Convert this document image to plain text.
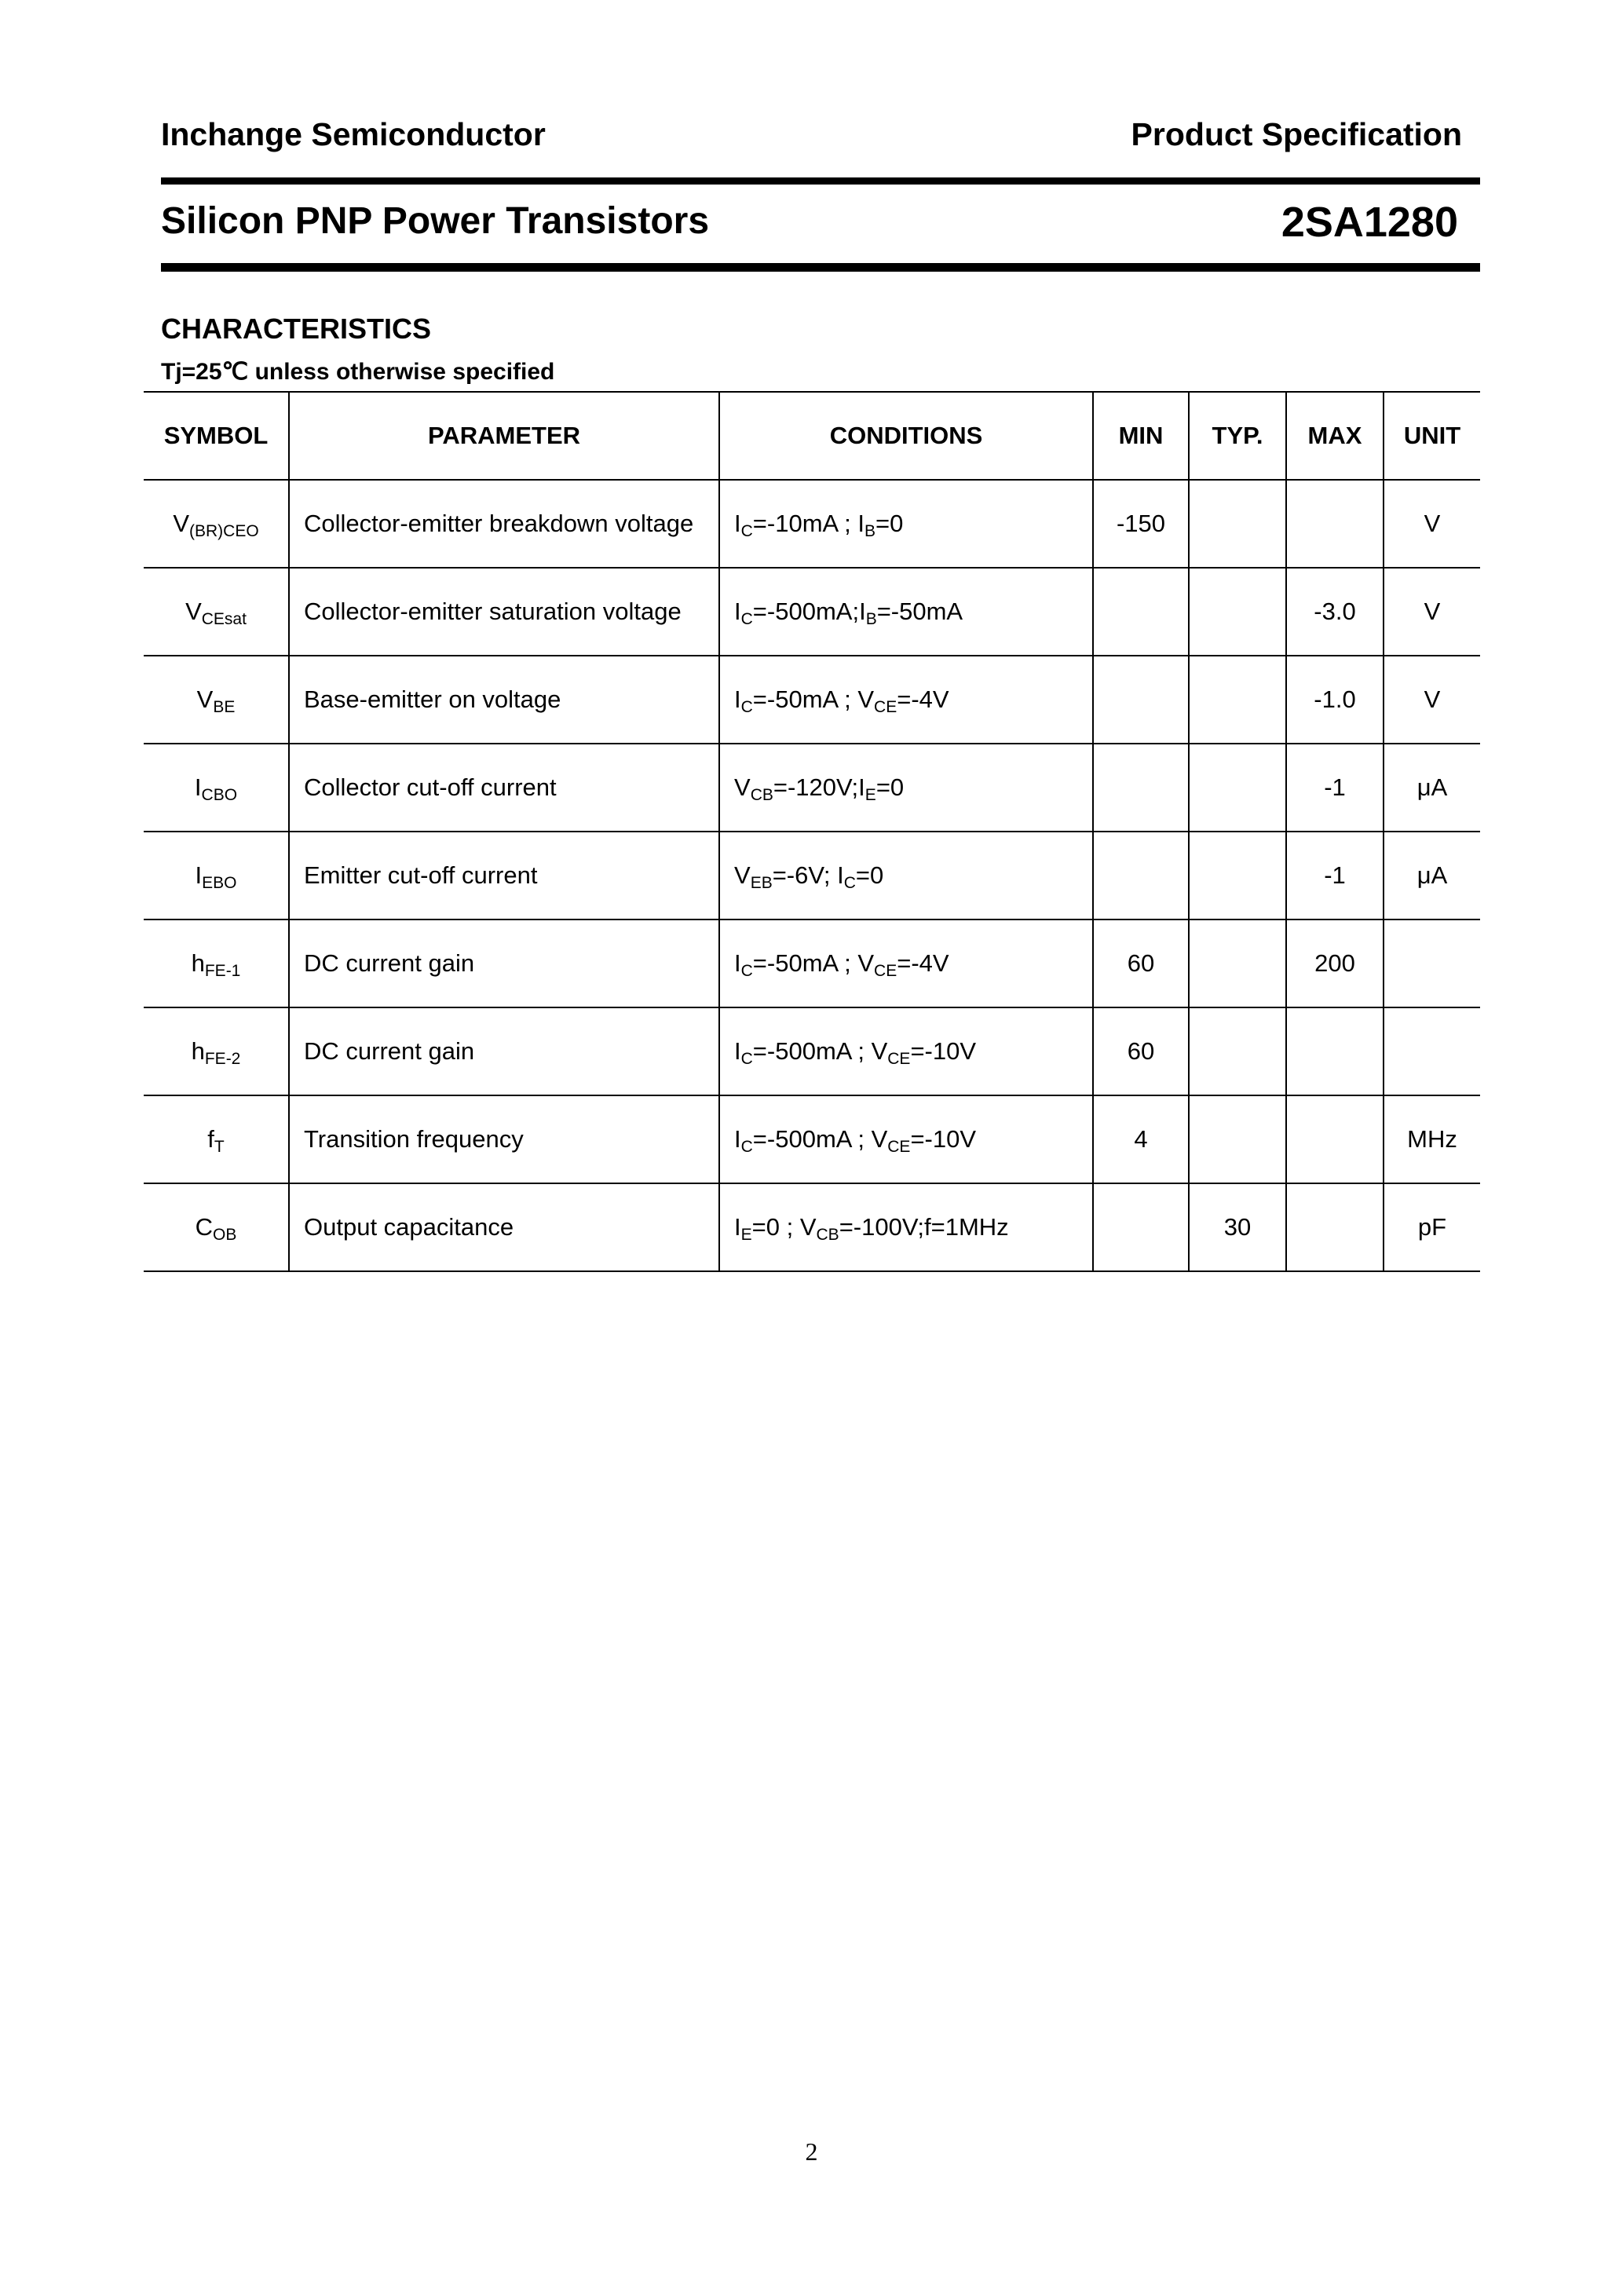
Inchange Semiconductor	Product Specification
Silicon PNP Power Transistors	2SA1280
CHARACTERISTICS
Tj=25℃ unless otherwise specified
SYMBOL	PARAMETER	CONDITIONS	MIN	TYP.	MAX	UNIT
$V_{(BR)CEO}$	Collector-emitter breakdown voltage	$I_C=-10mA$ ; $I_B=0$	-150			V
$V_{CEsat}$	Collector-emitter saturation voltage	$I_C=-500mA;I_B=-50mA$			-3.0	V
$V_{BE}$	Base-emitter on voltage	$I_C=-50mA$ ; $V_{CE}=-4V$			-1.0	V
$I_{CBO}$	Collector cut-off current	$V_{CB}=-120V;I_E=0$			-1	μA
$I_{EBO}$	Emitter cut-off current	$V_{EB}=-6V$; $I_C=0$			-1	μA
$h_{FE-1}$	DC current gain	$I_C=-50mA$ ; $V_{CE}=-4V$	60		200	
$h_{FE-2}$	DC current gain	$I_C=-500mA$ ; $V_{CE}=-10V$	60			
$f_T$	Transition frequency	$I_C=-500mA$ ; $V_{CE}=-10V$	4			MHz
$C_{OB}$	Output capacitance	$I_E=0$ ; $V_{CB}=-100V;f=1MHz$		30		pF
2
